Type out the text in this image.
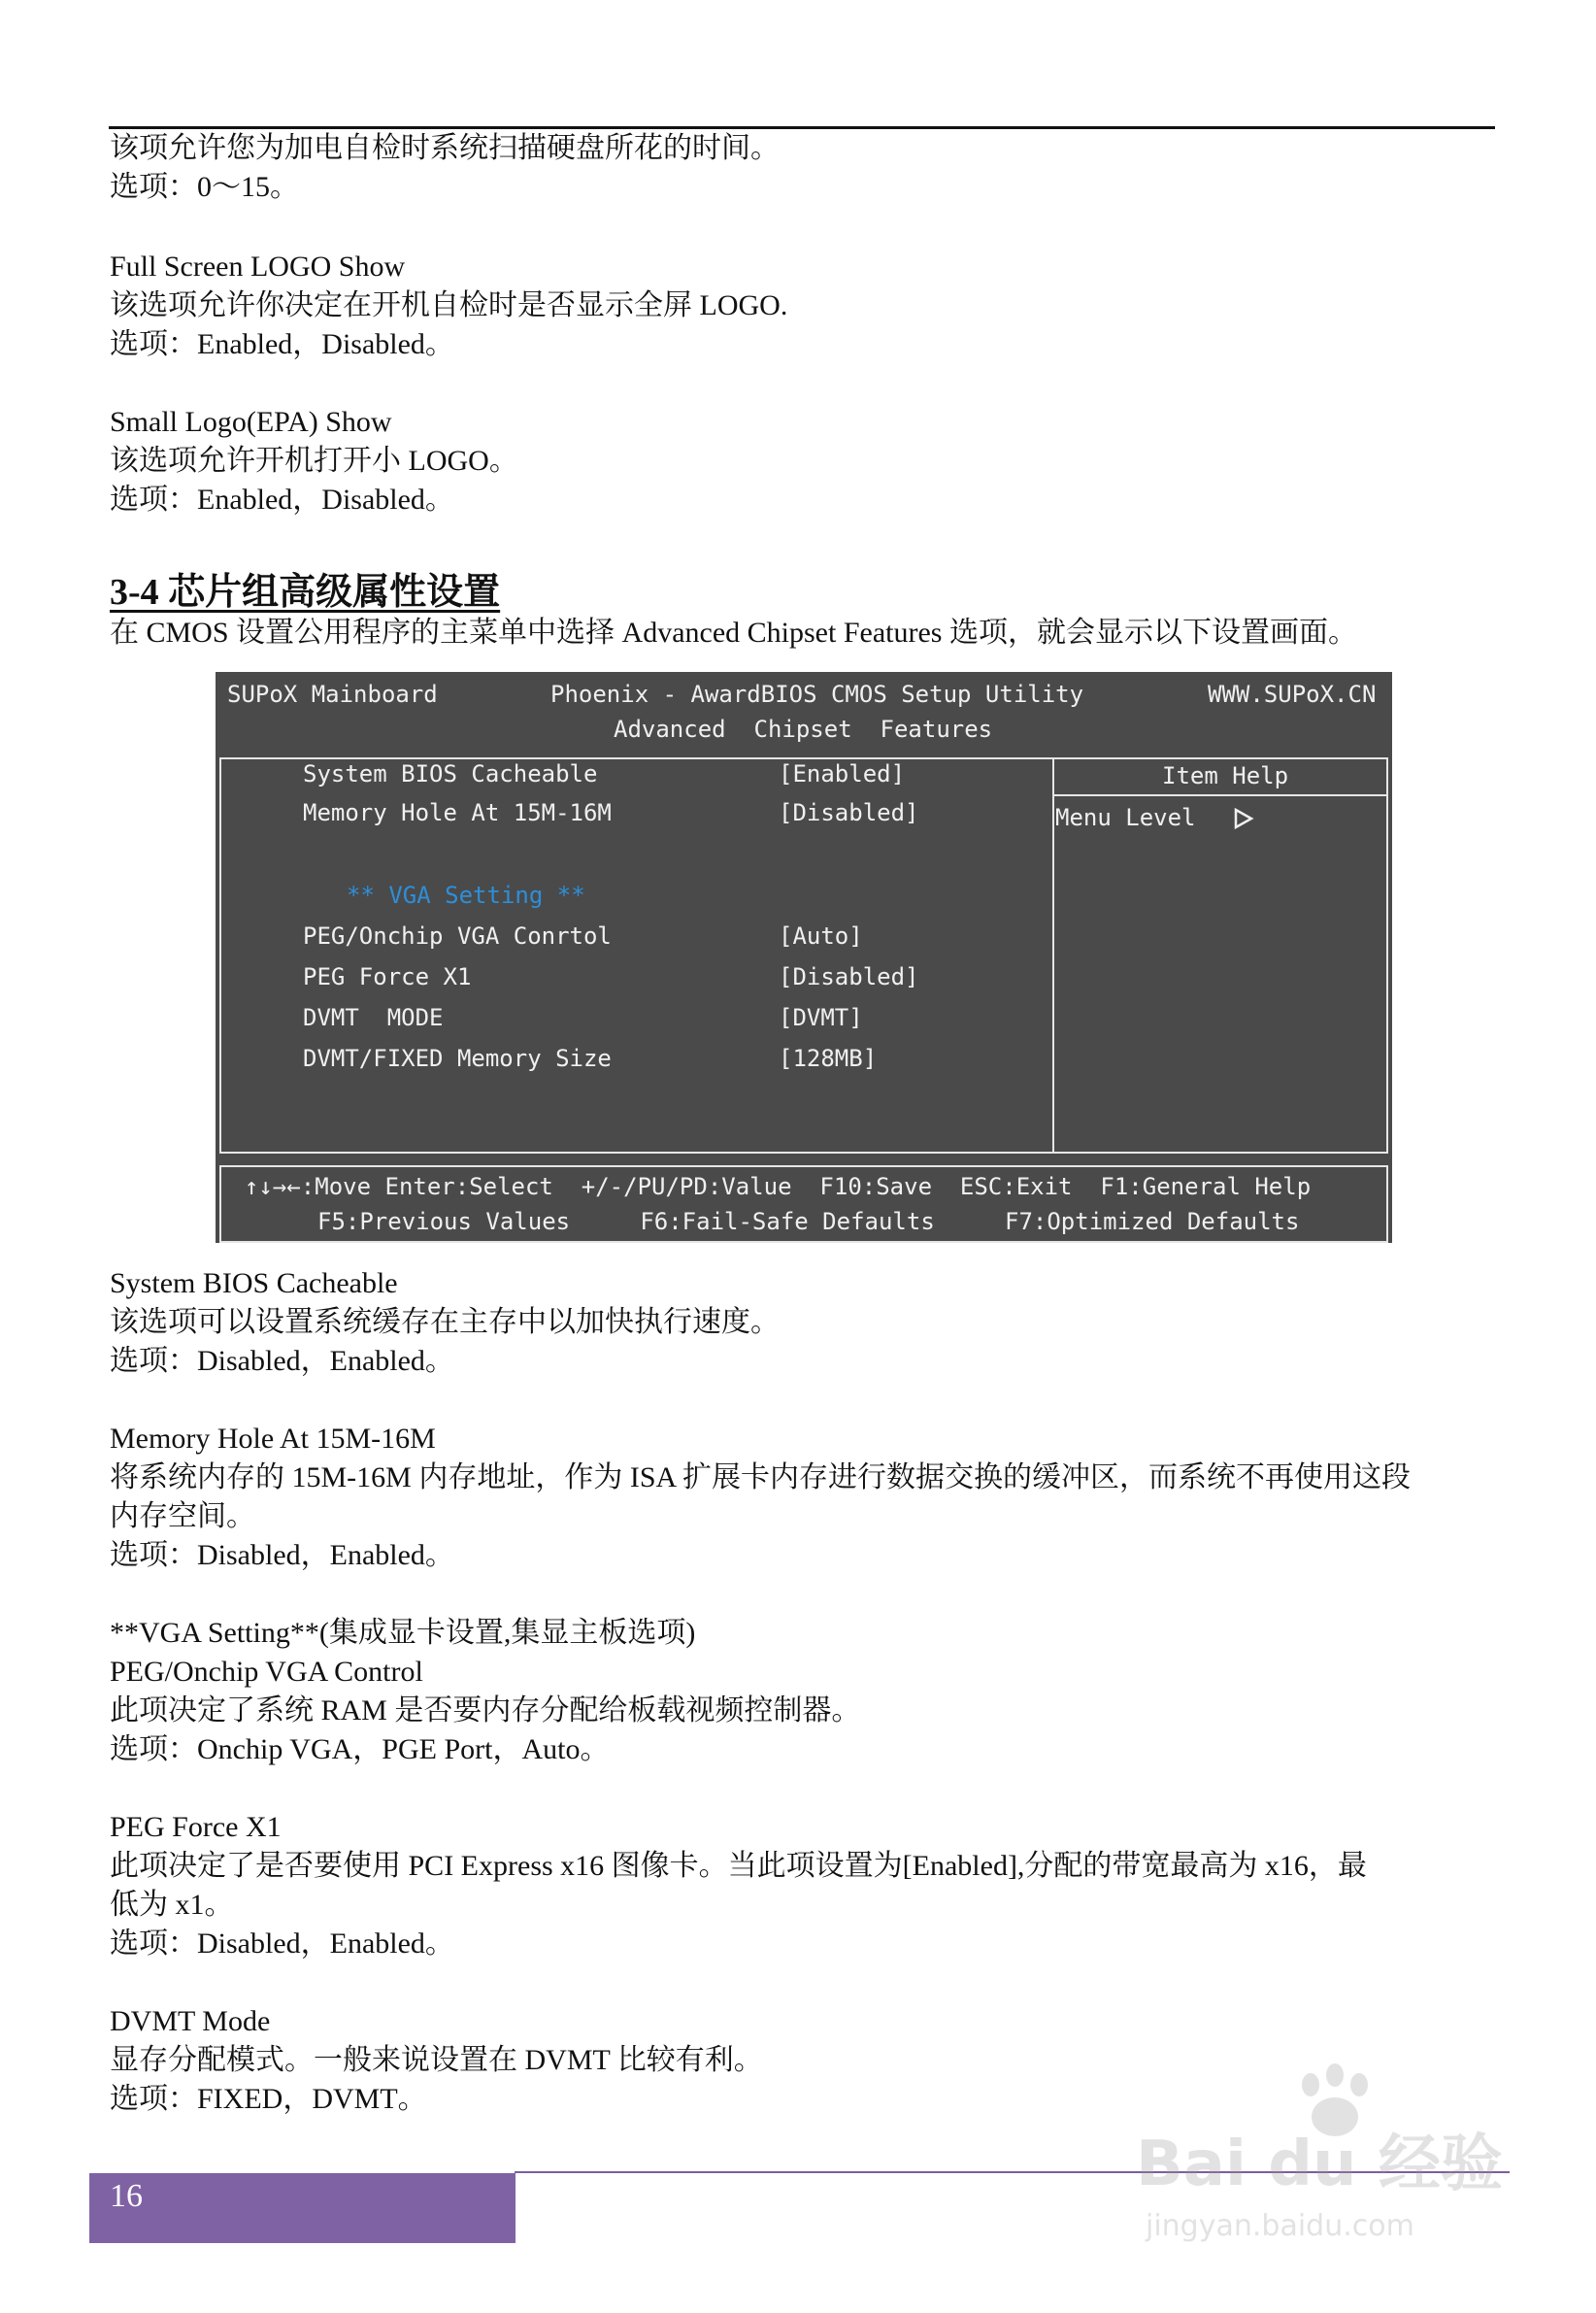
该项允许您为加电自检时系统扫描硬盘所花的时间。
选项：0～15。
Full Screen LOGO Show
该选项允许你决定在开机自检时是否显示全屏 LOGO.
选项：Enabled，Disabled。
Small Logo(EPA) Show
该选项允许开机打开小 LOGO。
选项：Enabled，Disabled。
3-4 芯片组高级属性设置
在 CMOS 设置公用程序的主菜单中选择 Advanced Chipset Features 选项，就会显示以下设置画面。
SUPoX Mainboard	Phoenix - AwardBIOS CMOS Setup Utility	WWW.SUPoX.CN
Advanced  Chipset  Features
System BIOS Cacheable	[Enabled]
Memory Hole At 15M-16M	[Disabled]
** VGA Setting **
PEG/Onchip VGA Conrtol	[Auto]
PEG Force X1	[Disabled]
DVMT  MODE	[DVMT]
DVMT/FIXED Memory Size	[128MB]
Item Help
Menu Level
↑↓→←:Move Enter:Select  +/-/PU/PD:Value  F10:Save  ESC:Exit  F1:General Help
F5:Previous Values     F6:Fail-Safe Defaults     F7:Optimized Defaults
System BIOS Cacheable
该选项可以设置系统缓存在主存中以加快执行速度。
选项：Disabled，Enabled。
Memory Hole At 15M-16M
将系统内存的 15M-16M 内存地址，作为 ISA 扩展卡内存进行数据交换的缓冲区，而系统不再使用这段
内存空间。
选项：Disabled，Enabled。
**VGA Setting**(集成显卡设置,集显主板选项)
PEG/Onchip VGA Control
此项决定了系统 RAM 是否要内存分配给板载视频控制器。
选项：Onchip VGA，PGE Port，Auto。
PEG Force X1
此项决定了是否要使用 PCI Express x16 图像卡。当此项设置为[Enabled],分配的带宽最高为 x16，最
低为 x1。
选项：Disabled，Enabled。
DVMT Mode
显存分配模式。一般来说设置在 DVMT 比较有利。
选项：FIXED，DVMT。
16	Bai du 经验
jingyan.baidu.com
